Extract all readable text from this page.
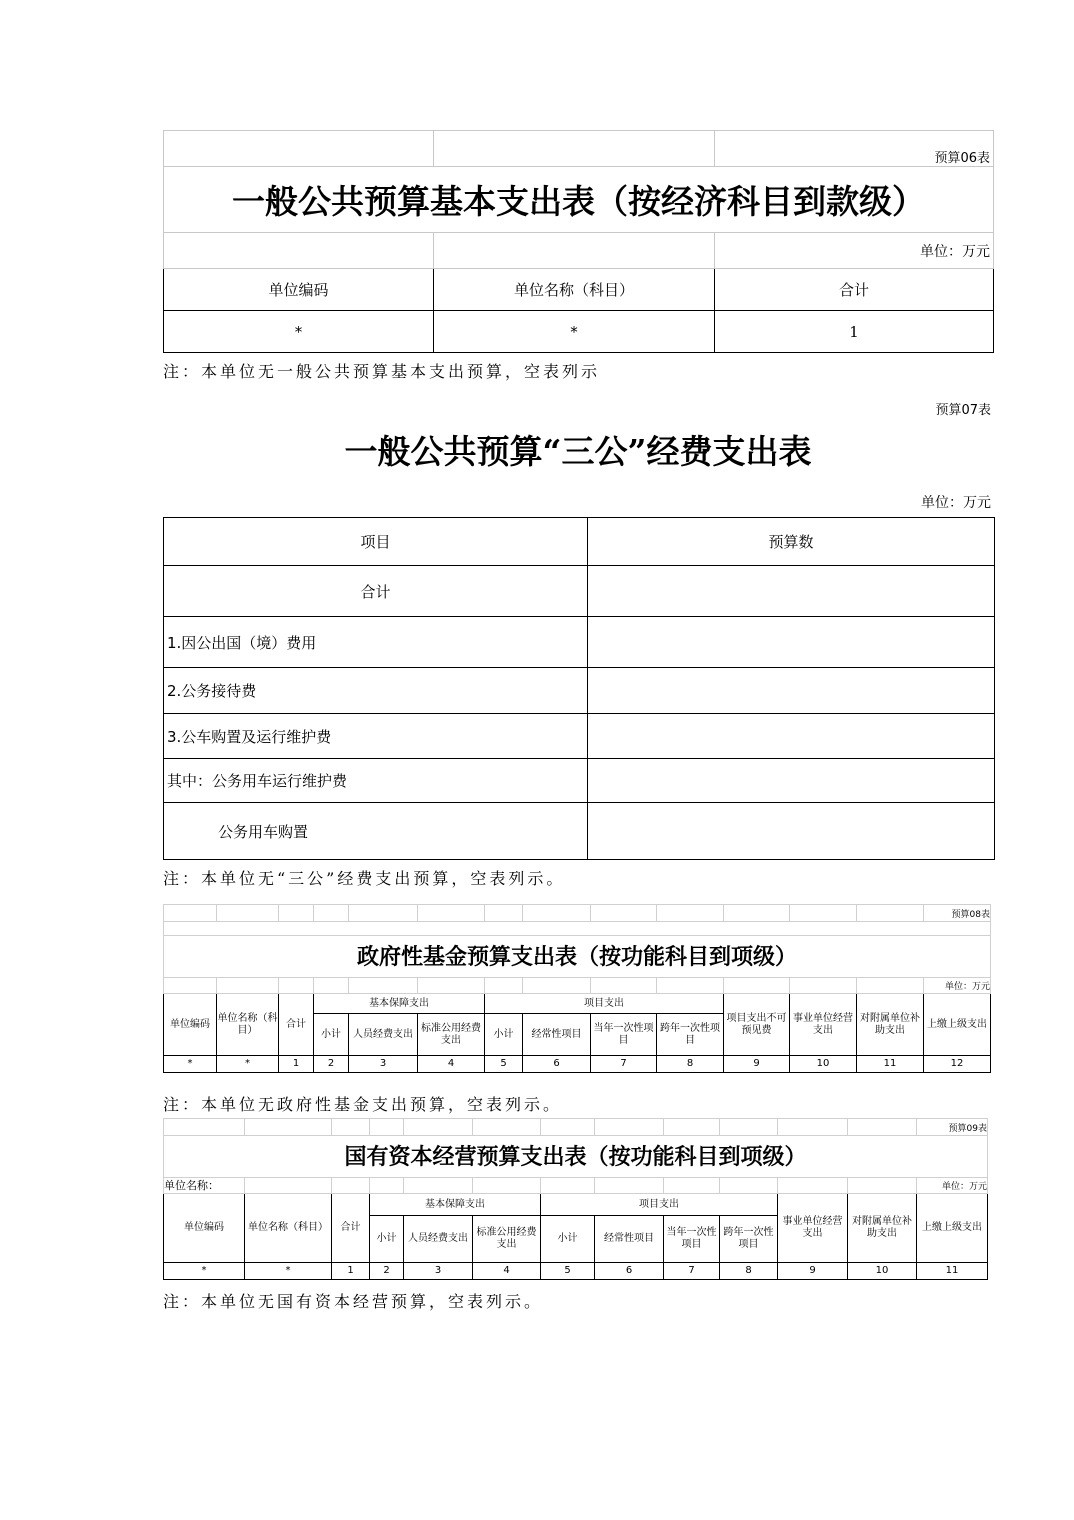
		预算06表
一般公共预算基本支出表（按经济科目到款级）		
		单位：万元
单位编码	单位名称（科目）	合计
*	*	1
注：本单位无一般公共预算基本支出预算，空表列示
预算07表
一般公共预算“三公”经费支出表
单位：万元
项目	预算数
合计	
1.因公出国（境）费用	
2.公务接待费	
3.公车购置及运行维护费	
其中：公务用车运行维护费	
公务用车购置	
注：本单位无“三公”经费支出预算，空表列示。
													预算08表

政府性基金预算支出表（按功能科目到项级）													
													单位：万元
单位编码	单位名称（科目）	合计	基本保障支出			项目支出				项目支出不可预见费	事业单位经营支出	对附属单位补助支出	上缴上级支出
			小计	人员经费支出	标准公用经费支出	小计	经常性项目	当年一次性项目	跨年一次性项目				
*	*	1	2	3	4	5	6	7	8	9	10	11	12
注：本单位无政府性基金支出预算，空表列示。
												预算09表
国有资本经营预算支出表（按功能科目到项级）												
单位名称：												单位：万元
单位编码	单位名称（科目）	合计	基本保障支出			项目支出				事业单位经营支出	对附属单位补助支出	上缴上级支出
			小计	人员经费支出	标准公用经费支出	小计	经常性项目	当年一次性项目	跨年一次性项目			
*	*	1	2	3	4	5	6	7	8	9	10	11
注：本单位无国有资本经营预算，空表列示。
